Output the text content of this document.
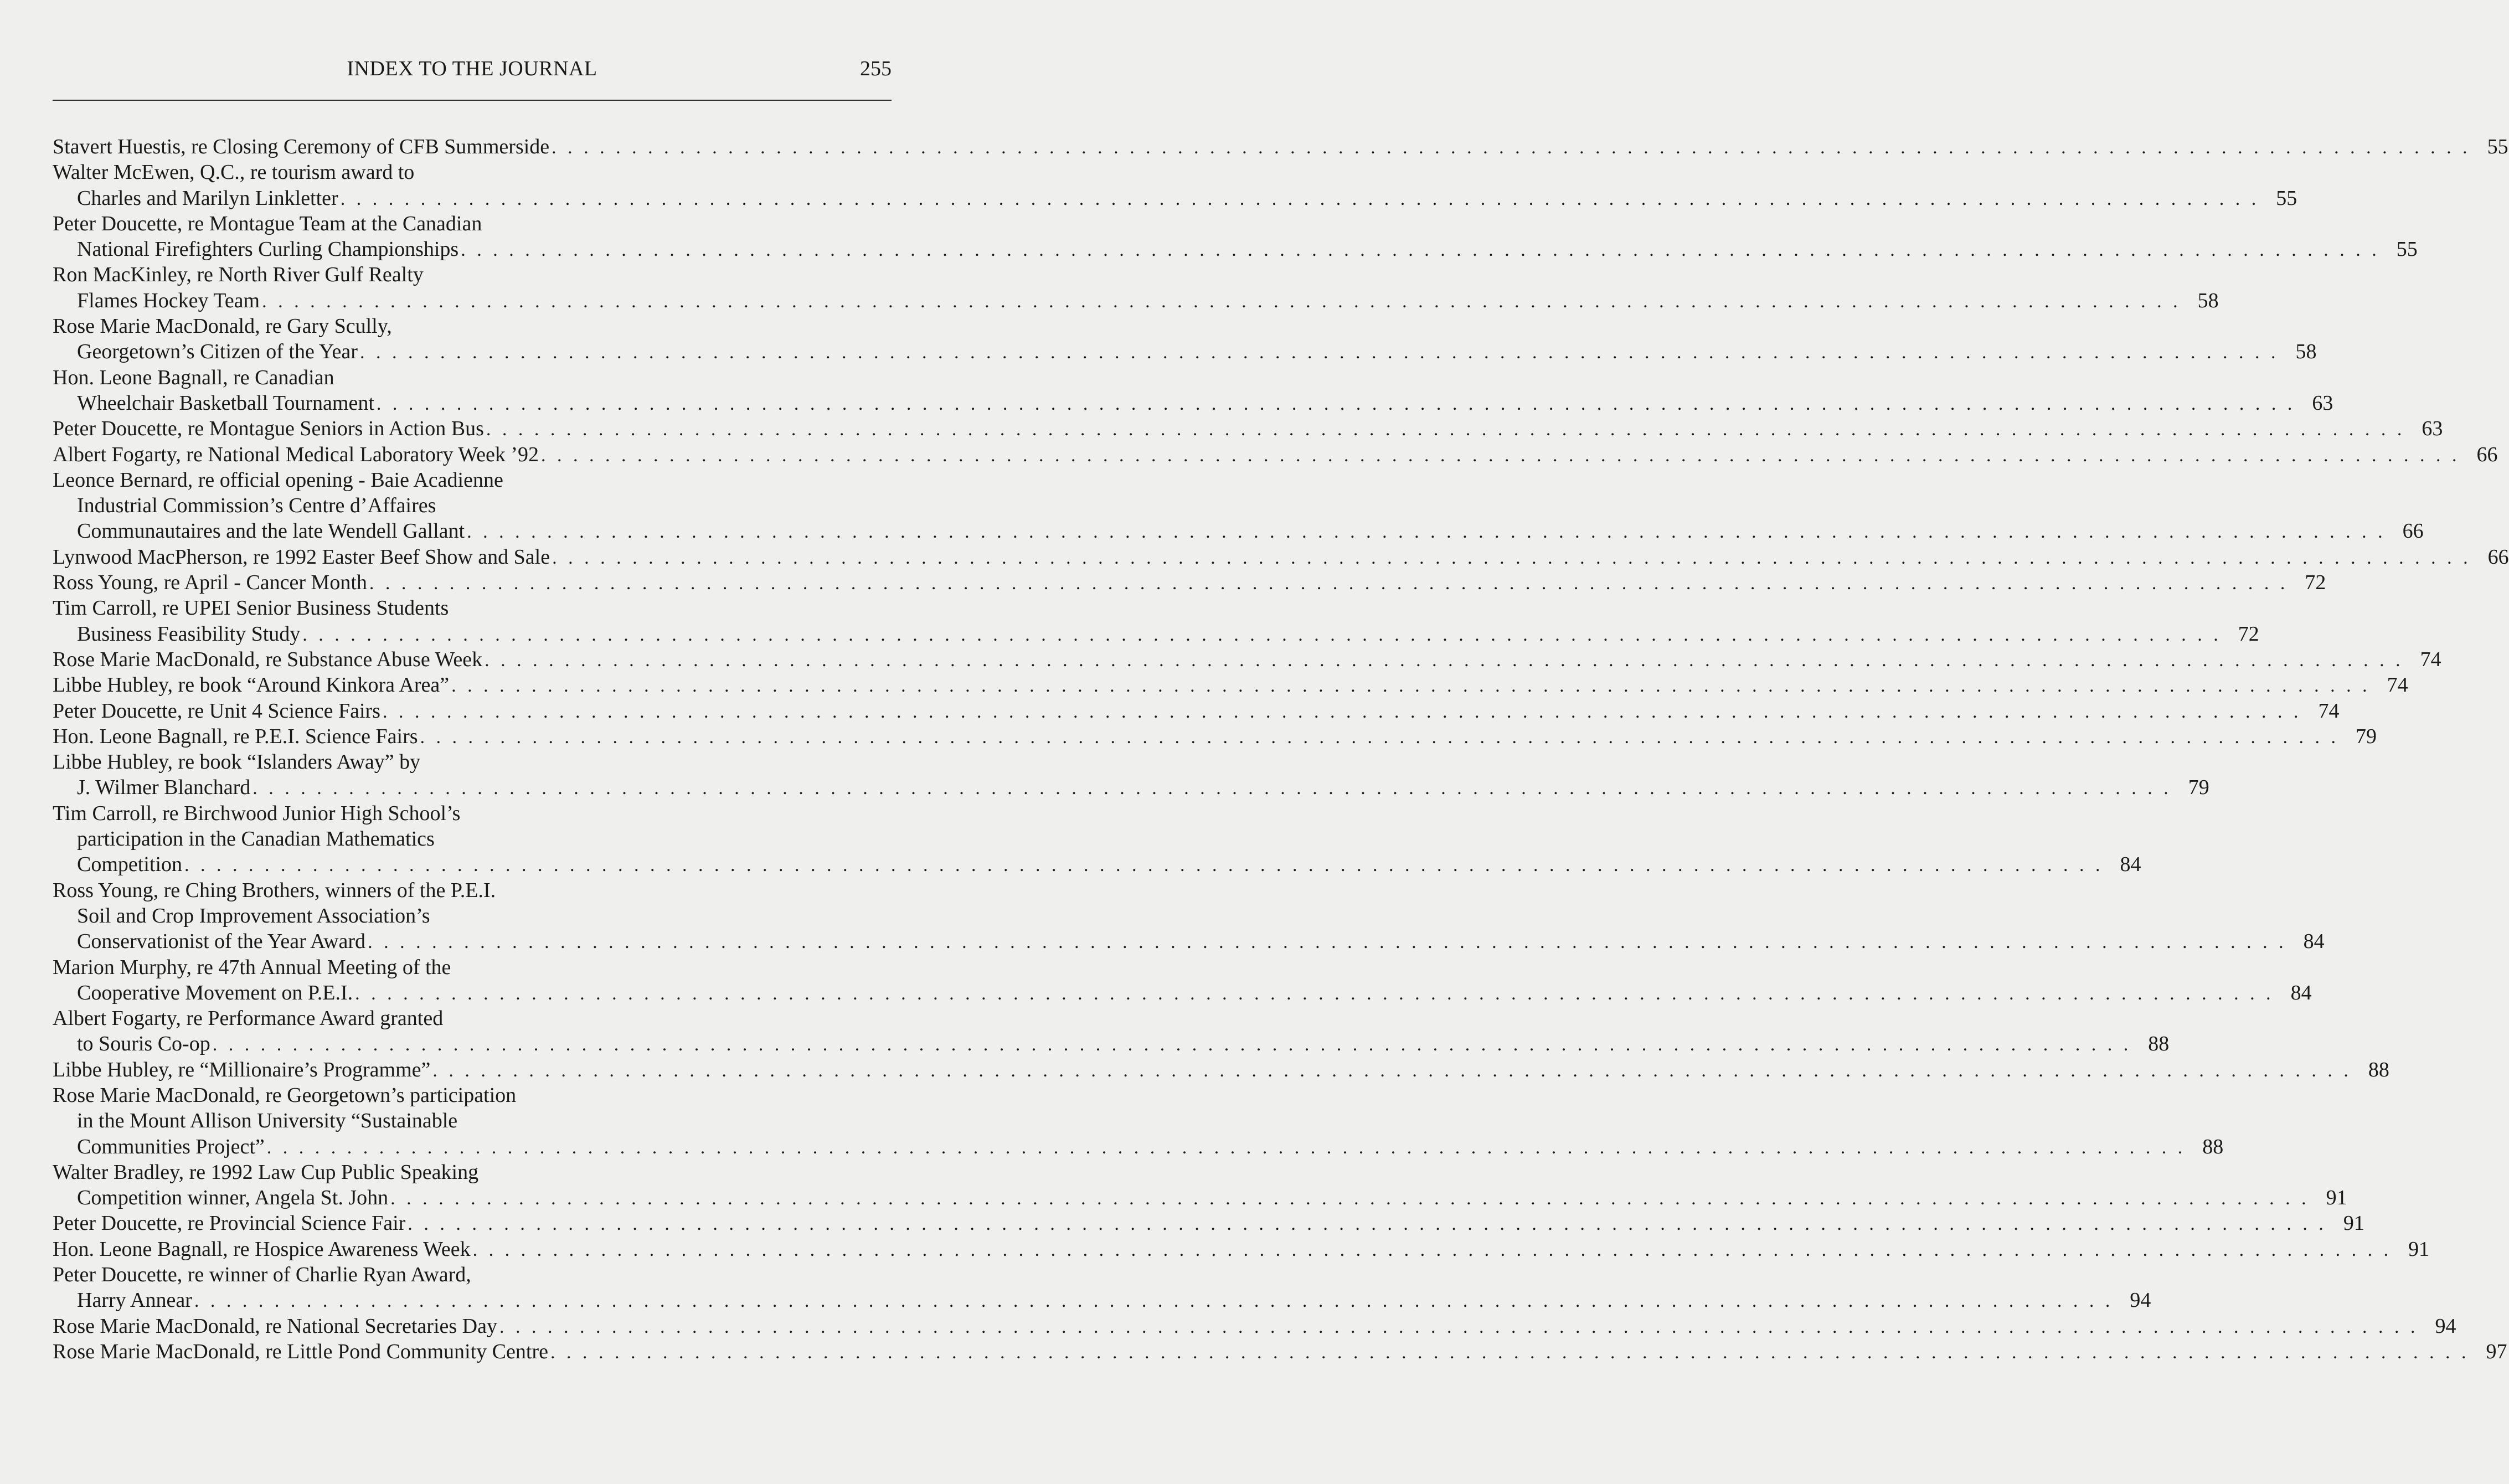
INDEX TO THE JOURNAL	255
Stavert Huestis, re Closing Ceremony of CFB Summerside . . . . . . . . . . . . . . . . . . . . . . . . . . . . . . . . . . . . . . . . . . . . . . . . . . . . . . . . . . . . . . . . . . . . . . . . . . . . . . . . . . . . . . . . . . . . . . . . . . . . . . . . . . . . . . . . . . . . . . . . 55
Walter McEwen, Q.C., re tourism award to
Charles and Marilyn Linkletter . . . . . . . . . . . . . . . . . . . . . . . . . . . . . . . . . . . . . . . . . . . . . . . . . . . . . . . . . . . . . . . . . . . . . . . . . . . . . . . . . . . . . . . . . . . . . . . . . . . . . . . . . . . . . . . . . . . . . . . . 55
Peter Doucette, re Montague Team at the Canadian
National Firefighters Curling Championships . . . . . . . . . . . . . . . . . . . . . . . . . . . . . . . . . . . . . . . . . . . . . . . . . . . . . . . . . . . . . . . . . . . . . . . . . . . . . . . . . . . . . . . . . . . . . . . . . . . . . . . . . . . . . . . . . . . . . . . . 55
Ron MacKinley, re North River Gulf Realty
Flames Hockey Team . . . . . . . . . . . . . . . . . . . . . . . . . . . . . . . . . . . . . . . . . . . . . . . . . . . . . . . . . . . . . . . . . . . . . . . . . . . . . . . . . . . . . . . . . . . . . . . . . . . . . . . . . . . . . . . . . . . . . . . . 58
Rose Marie MacDonald, re Gary Scully,
Georgetown’s Citizen of the Year . . . . . . . . . . . . . . . . . . . . . . . . . . . . . . . . . . . . . . . . . . . . . . . . . . . . . . . . . . . . . . . . . . . . . . . . . . . . . . . . . . . . . . . . . . . . . . . . . . . . . . . . . . . . . . . . . . . . . . . . 58
Hon. Leone Bagnall, re Canadian
Wheelchair Basketball Tournament . . . . . . . . . . . . . . . . . . . . . . . . . . . . . . . . . . . . . . . . . . . . . . . . . . . . . . . . . . . . . . . . . . . . . . . . . . . . . . . . . . . . . . . . . . . . . . . . . . . . . . . . . . . . . . . . . . . . . . . . 63
Peter Doucette, re Montague Seniors in Action Bus . . . . . . . . . . . . . . . . . . . . . . . . . . . . . . . . . . . . . . . . . . . . . . . . . . . . . . . . . . . . . . . . . . . . . . . . . . . . . . . . . . . . . . . . . . . . . . . . . . . . . . . . . . . . . . . . . . . . . . . . 63
Albert Fogarty, re National Medical Laboratory Week ’92 . . . . . . . . . . . . . . . . . . . . . . . . . . . . . . . . . . . . . . . . . . . . . . . . . . . . . . . . . . . . . . . . . . . . . . . . . . . . . . . . . . . . . . . . . . . . . . . . . . . . . . . . . . . . . . . . . . . . . . . . 66
Leonce Bernard, re official opening - Baie Acadienne
Industrial Commission’s Centre d’Affaires
Communautaires and the late Wendell Gallant . . . . . . . . . . . . . . . . . . . . . . . . . . . . . . . . . . . . . . . . . . . . . . . . . . . . . . . . . . . . . . . . . . . . . . . . . . . . . . . . . . . . . . . . . . . . . . . . . . . . . . . . . . . . . . . . . . . . . . . . 66
Lynwood MacPherson, re 1992 Easter Beef Show and Sale . . . . . . . . . . . . . . . . . . . . . . . . . . . . . . . . . . . . . . . . . . . . . . . . . . . . . . . . . . . . . . . . . . . . . . . . . . . . . . . . . . . . . . . . . . . . . . . . . . . . . . . . . . . . . . . . . . . . . . . . 66
Ross Young, re April - Cancer Month . . . . . . . . . . . . . . . . . . . . . . . . . . . . . . . . . . . . . . . . . . . . . . . . . . . . . . . . . . . . . . . . . . . . . . . . . . . . . . . . . . . . . . . . . . . . . . . . . . . . . . . . . . . . . . . . . . . . . . . . 72
Tim Carroll, re UPEI Senior Business Students
Business Feasibility Study . . . . . . . . . . . . . . . . . . . . . . . . . . . . . . . . . . . . . . . . . . . . . . . . . . . . . . . . . . . . . . . . . . . . . . . . . . . . . . . . . . . . . . . . . . . . . . . . . . . . . . . . . . . . . . . . . . . . . . . . 72
Rose Marie MacDonald, re Substance Abuse Week . . . . . . . . . . . . . . . . . . . . . . . . . . . . . . . . . . . . . . . . . . . . . . . . . . . . . . . . . . . . . . . . . . . . . . . . . . . . . . . . . . . . . . . . . . . . . . . . . . . . . . . . . . . . . . . . . . . . . . . . 74
Libbe Hubley, re book “Around Kinkora Area” . . . . . . . . . . . . . . . . . . . . . . . . . . . . . . . . . . . . . . . . . . . . . . . . . . . . . . . . . . . . . . . . . . . . . . . . . . . . . . . . . . . . . . . . . . . . . . . . . . . . . . . . . . . . . . . . . . . . . . . . 74
Peter Doucette, re Unit 4 Science Fairs . . . . . . . . . . . . . . . . . . . . . . . . . . . . . . . . . . . . . . . . . . . . . . . . . . . . . . . . . . . . . . . . . . . . . . . . . . . . . . . . . . . . . . . . . . . . . . . . . . . . . . . . . . . . . . . . . . . . . . . . 74
Hon. Leone Bagnall, re P.E.I. Science Fairs . . . . . . . . . . . . . . . . . . . . . . . . . . . . . . . . . . . . . . . . . . . . . . . . . . . . . . . . . . . . . . . . . . . . . . . . . . . . . . . . . . . . . . . . . . . . . . . . . . . . . . . . . . . . . . . . . . . . . . . . 79
Libbe Hubley, re book “Islanders Away” by
J. Wilmer Blanchard . . . . . . . . . . . . . . . . . . . . . . . . . . . . . . . . . . . . . . . . . . . . . . . . . . . . . . . . . . . . . . . . . . . . . . . . . . . . . . . . . . . . . . . . . . . . . . . . . . . . . . . . . . . . . . . . . . . . . . . . 79
Tim Carroll, re Birchwood Junior High School’s
participation in the Canadian Mathematics
Competition . . . . . . . . . . . . . . . . . . . . . . . . . . . . . . . . . . . . . . . . . . . . . . . . . . . . . . . . . . . . . . . . . . . . . . . . . . . . . . . . . . . . . . . . . . . . . . . . . . . . . . . . . . . . . . . . . . . . . . . . 84
Ross Young, re Ching Brothers, winners of the P.E.I.
Soil and Crop Improvement Association’s
Conservationist of the Year Award . . . . . . . . . . . . . . . . . . . . . . . . . . . . . . . . . . . . . . . . . . . . . . . . . . . . . . . . . . . . . . . . . . . . . . . . . . . . . . . . . . . . . . . . . . . . . . . . . . . . . . . . . . . . . . . . . . . . . . . . 84
Marion Murphy, re 47th Annual Meeting of the
Cooperative Movement on P.E.I. . . . . . . . . . . . . . . . . . . . . . . . . . . . . . . . . . . . . . . . . . . . . . . . . . . . . . . . . . . . . . . . . . . . . . . . . . . . . . . . . . . . . . . . . . . . . . . . . . . . . . . . . . . . . . . . . . . . . . . . . 84
Albert Fogarty, re Performance Award granted
to Souris Co-op . . . . . . . . . . . . . . . . . . . . . . . . . . . . . . . . . . . . . . . . . . . . . . . . . . . . . . . . . . . . . . . . . . . . . . . . . . . . . . . . . . . . . . . . . . . . . . . . . . . . . . . . . . . . . . . . . . . . . . . . 88
Libbe Hubley, re “Millionaire’s Programme” . . . . . . . . . . . . . . . . . . . . . . . . . . . . . . . . . . . . . . . . . . . . . . . . . . . . . . . . . . . . . . . . . . . . . . . . . . . . . . . . . . . . . . . . . . . . . . . . . . . . . . . . . . . . . . . . . . . . . . . . 88
Rose Marie MacDonald, re Georgetown’s participation
in the Mount Allison University “Sustainable
Communities Project” . . . . . . . . . . . . . . . . . . . . . . . . . . . . . . . . . . . . . . . . . . . . . . . . . . . . . . . . . . . . . . . . . . . . . . . . . . . . . . . . . . . . . . . . . . . . . . . . . . . . . . . . . . . . . . . . . . . . . . . . 88
Walter Bradley, re 1992 Law Cup Public Speaking
Competition winner, Angela St. John . . . . . . . . . . . . . . . . . . . . . . . . . . . . . . . . . . . . . . . . . . . . . . . . . . . . . . . . . . . . . . . . . . . . . . . . . . . . . . . . . . . . . . . . . . . . . . . . . . . . . . . . . . . . . . . . . . . . . . . . 91
Peter Doucette, re Provincial Science Fair . . . . . . . . . . . . . . . . . . . . . . . . . . . . . . . . . . . . . . . . . . . . . . . . . . . . . . . . . . . . . . . . . . . . . . . . . . . . . . . . . . . . . . . . . . . . . . . . . . . . . . . . . . . . . . . . . . . . . . . . 91
Hon. Leone Bagnall, re Hospice Awareness Week . . . . . . . . . . . . . . . . . . . . . . . . . . . . . . . . . . . . . . . . . . . . . . . . . . . . . . . . . . . . . . . . . . . . . . . . . . . . . . . . . . . . . . . . . . . . . . . . . . . . . . . . . . . . . . . . . . . . . . . . 91
Peter Doucette, re winner of Charlie Ryan Award,
Harry Annear . . . . . . . . . . . . . . . . . . . . . . . . . . . . . . . . . . . . . . . . . . . . . . . . . . . . . . . . . . . . . . . . . . . . . . . . . . . . . . . . . . . . . . . . . . . . . . . . . . . . . . . . . . . . . . . . . . . . . . . . 94
Rose Marie MacDonald, re National Secretaries Day . . . . . . . . . . . . . . . . . . . . . . . . . . . . . . . . . . . . . . . . . . . . . . . . . . . . . . . . . . . . . . . . . . . . . . . . . . . . . . . . . . . . . . . . . . . . . . . . . . . . . . . . . . . . . . . . . . . . . . . . 94
Rose Marie MacDonald, re Little Pond Community Centre . . . . . . . . . . . . . . . . . . . . . . . . . . . . . . . . . . . . . . . . . . . . . . . . . . . . . . . . . . . . . . . . . . . . . . . . . . . . . . . . . . . . . . . . . . . . . . . . . . . . . . . . . . . . . . . . . . . . . . . . 97
